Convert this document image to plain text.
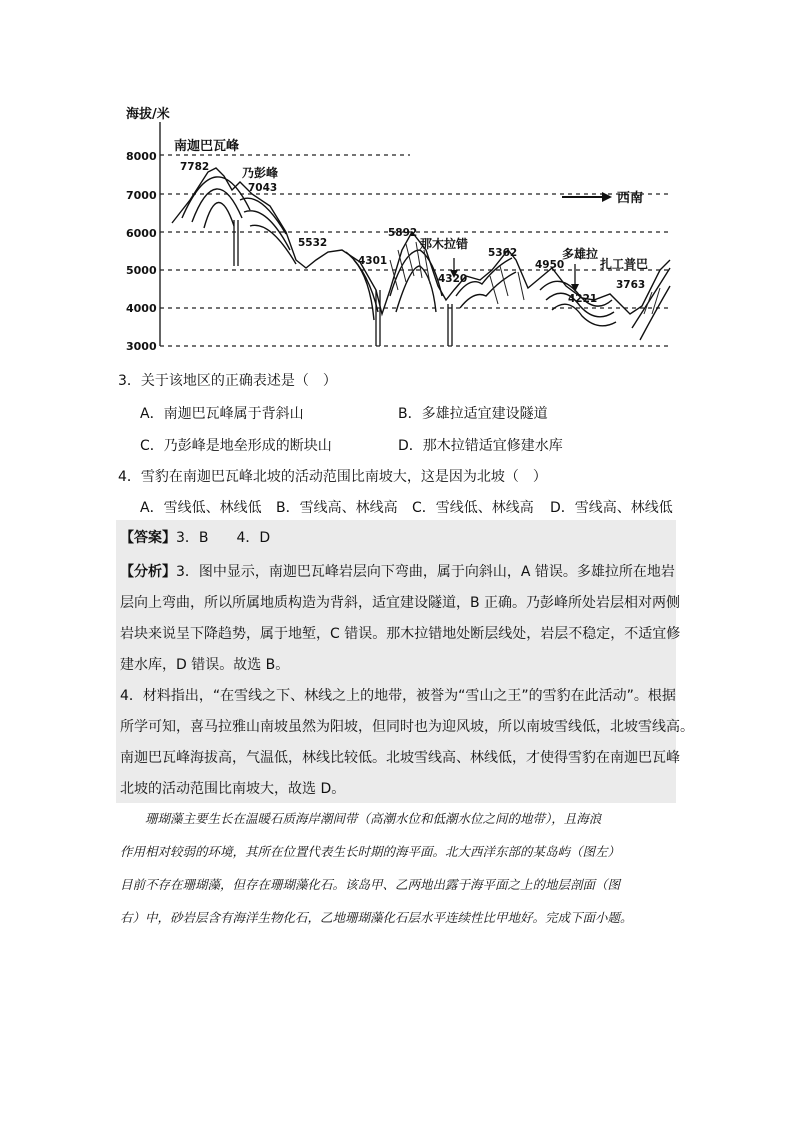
海拔/米
8000
7000
6000
5000
4000
3000
西南
南迦巴瓦峰
7782	乃彭峰
7043
5532
4301
5892
那木拉错
4320
5362
4950
多雄拉
4221
扎工普巴
3763
3．关于该地区的正确表述是（　）
A．南迦巴瓦峰属于背斜山	B．多雄拉适宜建设隧道
C．乃彭峰是地垒形成的断块山	D．那木拉错适宜修建水库
4．雪豹在南迦巴瓦峰北坡的活动范围比南坡大，这是因为北坡（　）
A．雪线低、林线低 B．雪线高、林线高 C．雪线低、林线高 D．雪线高、林线低
【答案】3．B　　4．D
【分析】3．图中显示，南迦巴瓦峰岩层向下弯曲，属于向斜山，A 错误。多雄拉所在地岩
层向上弯曲，所以所属地质构造为背斜，适宜建设隧道，B 正确。乃彭峰所处岩层相对两侧
岩块来说呈下降趋势，属于地堑，C 错误。那木拉错地处断层线处，岩层不稳定，不适宜修
建水库，D 错误。故选 B。
4．材料指出，“在雪线之下、林线之上的地带，被誉为“雪山之王”的雪豹在此活动”。根据
所学可知，喜马拉雅山南坡虽然为阳坡，但同时也为迎风坡，所以南坡雪线低，北坡雪线高。
南迦巴瓦峰海拔高，气温低，林线比较低。北坡雪线高、林线低，才使得雪豹在南迦巴瓦峰
北坡的活动范围比南坡大，故选 D。
　　珊瑚藻主要生长在温暖石质海岸潮间带（高潮水位和低潮水位之间的地带），且海浪
作用相对较弱的环境，其所在位置代表生长时期的海平面。北大西洋东部的某岛屿（图左）
目前不存在珊瑚藻，但存在珊瑚藻化石。该岛甲、乙两地出露于海平面之上的地层剖面（图
右）中，砂岩层含有海洋生物化石，乙地珊瑚藻化石层水平连续性比甲地好。完成下面小题。
